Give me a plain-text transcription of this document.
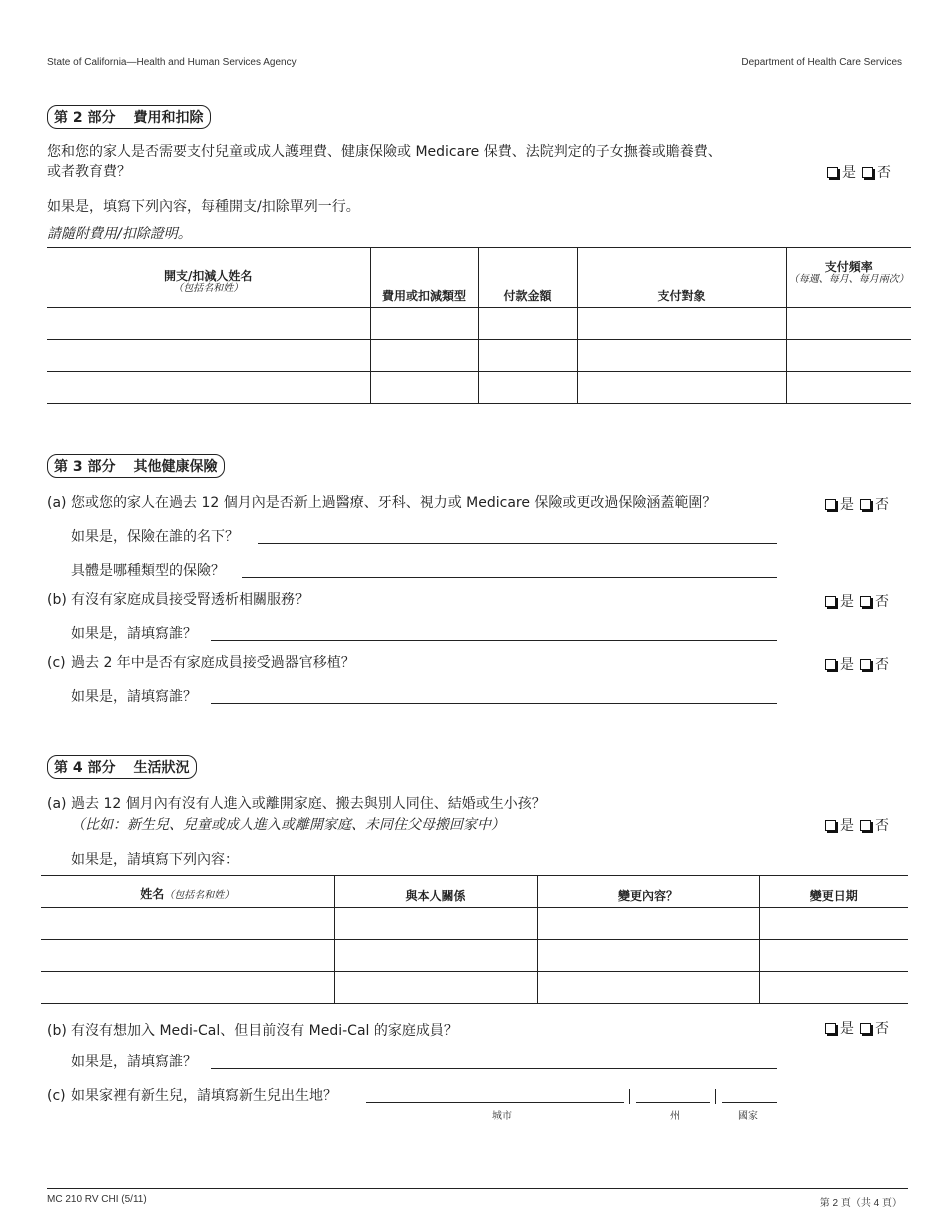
State of California—Health and Human Services Agency	Department of Health Care Services
第 2 部分 費用和扣除
您和您的家人是否需要支付兒童或成人護理費、健康保險或 Medicare 保費、法院判定的子女撫養或贍養費、
或者教育費？	是 否
如果是，填寫下列內容，每種開支/扣除單列一行。
請隨附費用/扣除證明。
開支/扣減人姓名
（包括名和姓）	費用或扣減類型	付款金額	支付對象	支付頻率
（每週、每月、每月兩次）

第 3 部分 其他健康保險
(a) 您或您的家人在過去 12 個月內是否新上過醫療、牙科、視力或 Medicare 保險或更改過保險涵蓋範圍？	是 否
如果是，保險在誰的名下？
具體是哪種類型的保險？
(b) 有沒有家庭成員接受腎透析相關服務？	是 否
如果是，請填寫誰？
(c) 過去 2 年中是否有家庭成員接受過器官移植？	是 否
如果是，請填寫誰？
第 4 部分 生活狀況
(a) 過去 12 個月內有沒有人進入或離開家庭、搬去與別人同住、結婚或生小孩？
（比如：新生兒、兒童或成人進入或離開家庭、未同住父母搬回家中）	是 否
如果是，請填寫下列內容：
姓名（包括名和姓）	與本人關係	變更內容？	變更日期

(b) 有沒有想加入 Medi-Cal、但目前沒有 Medi-Cal 的家庭成員？	是 否
如果是，請填寫誰？
(c) 如果家裡有新生兒，請填寫新生兒出生地？
城市	州	國家
MC 210 RV CHI (5/11)	第 2 頁（共 4 頁）
